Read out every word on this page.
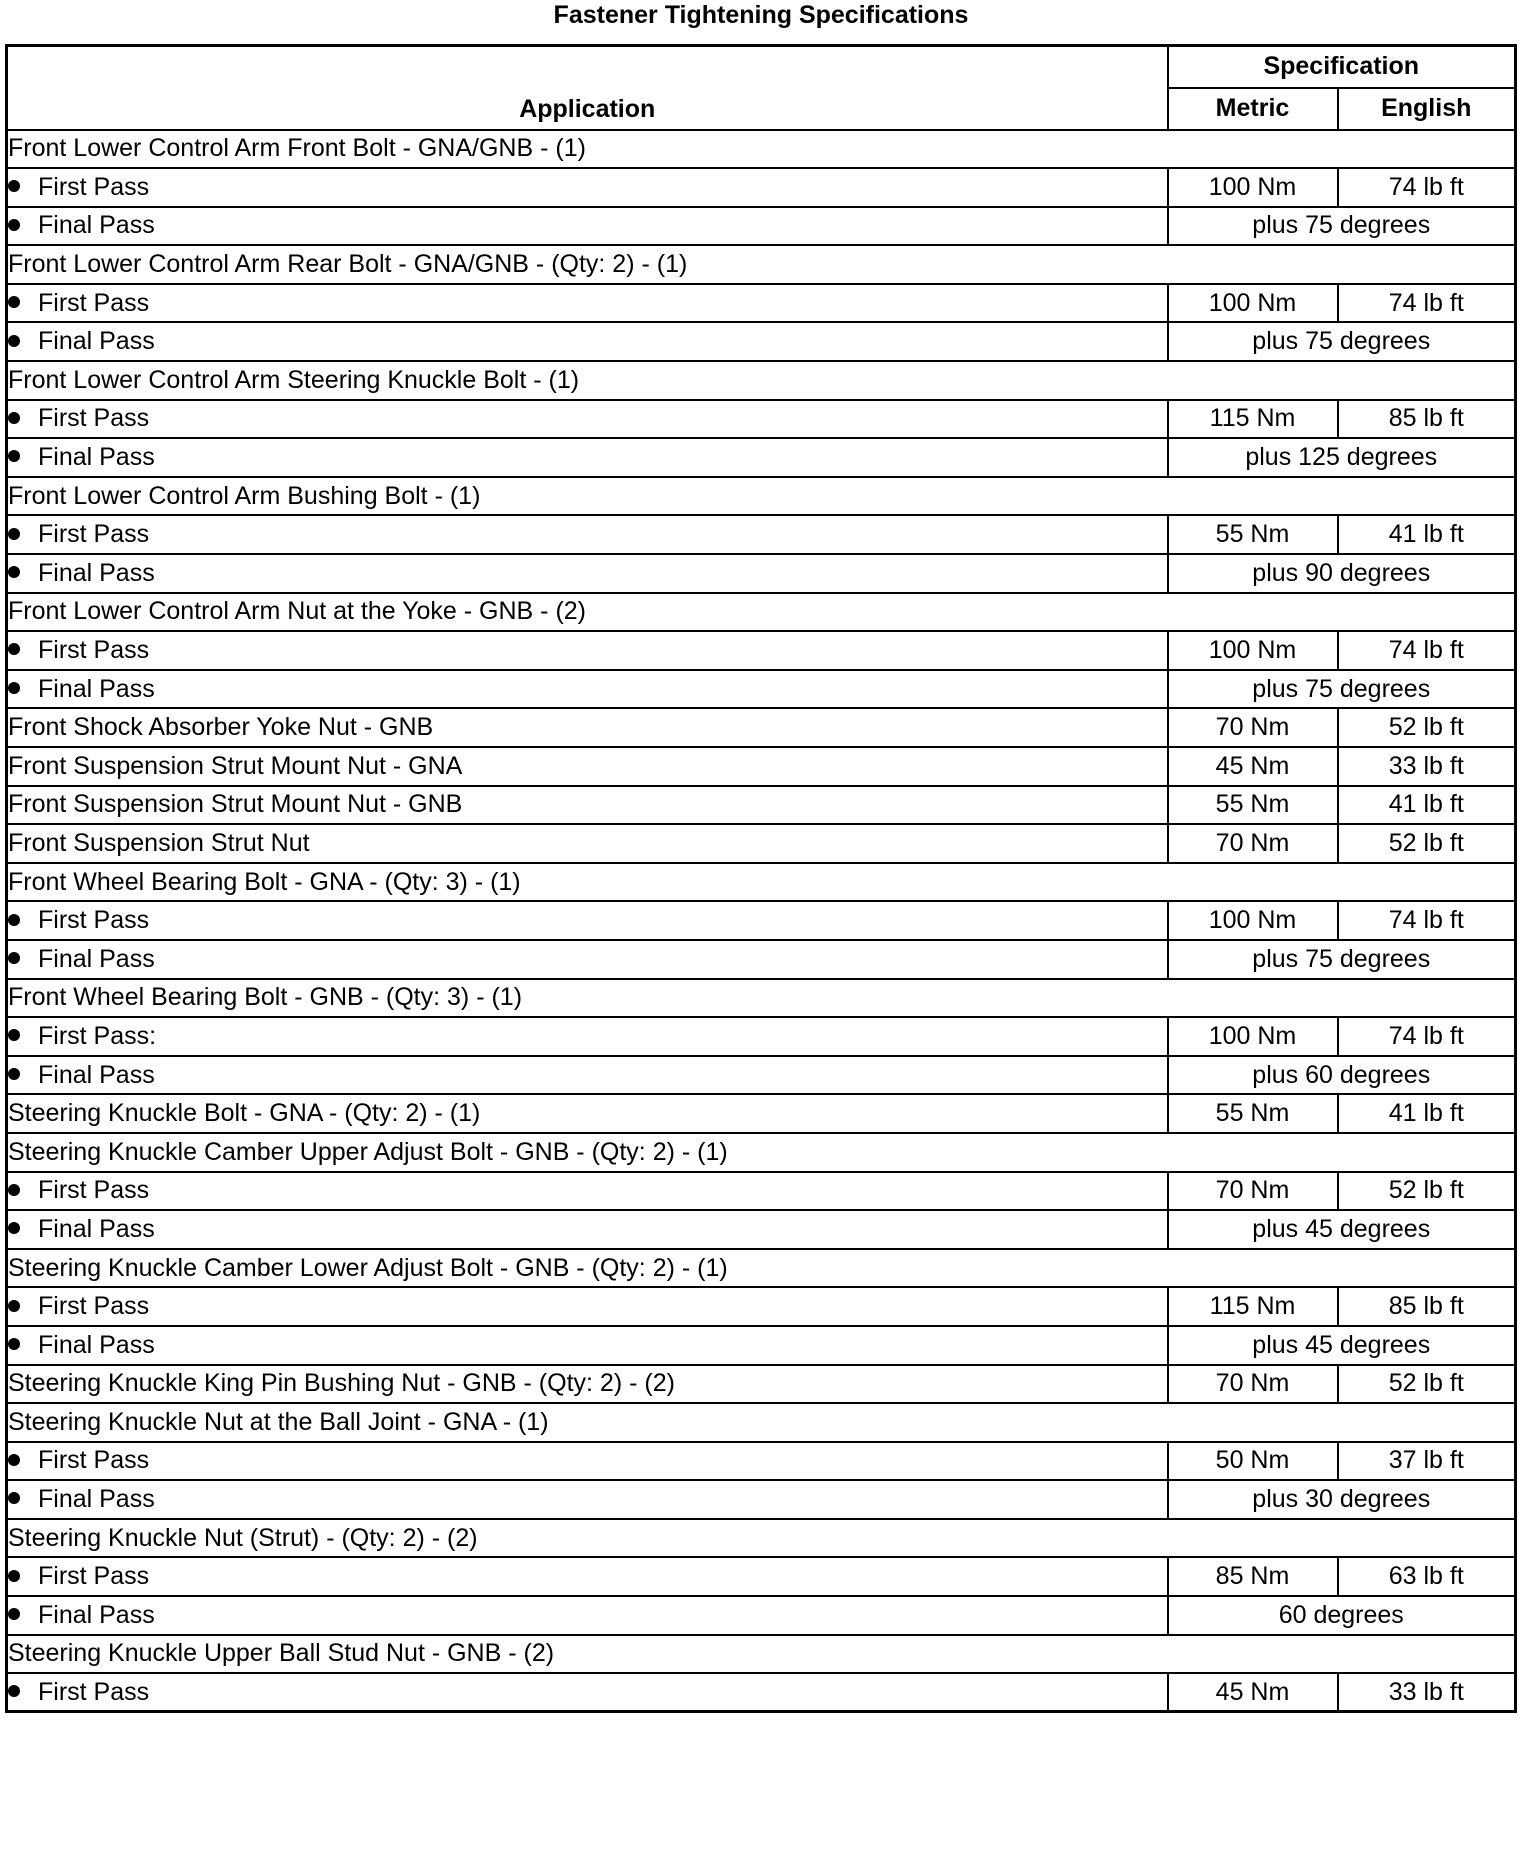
Fastener Tightening Specifications
Application	Specification	
	Metric	English
Front Lower Control Arm Front Bolt - GNA/GNB - (1)		
First Pass	100 Nm	74 lb ft
Final Pass	plus 75 degrees	
Front Lower Control Arm Rear Bolt - GNA/GNB - (Qty: 2) - (1)		
First Pass	100 Nm	74 lb ft
Final Pass	plus 75 degrees	
Front Lower Control Arm Steering Knuckle Bolt - (1)		
First Pass	115 Nm	85 lb ft
Final Pass	plus 125 degrees	
Front Lower Control Arm Bushing Bolt - (1)		
First Pass	55 Nm	41 lb ft
Final Pass	plus 90 degrees	
Front Lower Control Arm Nut at the Yoke - GNB - (2)		
First Pass	100 Nm	74 lb ft
Final Pass	plus 75 degrees	
Front Shock Absorber Yoke Nut - GNB	70 Nm	52 lb ft
Front Suspension Strut Mount Nut - GNA	45 Nm	33 lb ft
Front Suspension Strut Mount Nut - GNB	55 Nm	41 lb ft
Front Suspension Strut Nut	70 Nm	52 lb ft
Front Wheel Bearing Bolt - GNA - (Qty: 3) - (1)		
First Pass	100 Nm	74 lb ft
Final Pass	plus 75 degrees	
Front Wheel Bearing Bolt - GNB - (Qty: 3) - (1)		
First Pass:	100 Nm	74 lb ft
Final Pass	plus 60 degrees	
Steering Knuckle Bolt - GNA - (Qty: 2) - (1)	55 Nm	41 lb ft
Steering Knuckle Camber Upper Adjust Bolt - GNB - (Qty: 2) - (1)		
First Pass	70 Nm	52 lb ft
Final Pass	plus 45 degrees	
Steering Knuckle Camber Lower Adjust Bolt - GNB - (Qty: 2) - (1)		
First Pass	115 Nm	85 lb ft
Final Pass	plus 45 degrees	
Steering Knuckle King Pin Bushing Nut - GNB - (Qty: 2) - (2)	70 Nm	52 lb ft
Steering Knuckle Nut at the Ball Joint - GNA - (1)		
First Pass	50 Nm	37 lb ft
Final Pass	plus 30 degrees	
Steering Knuckle Nut (Strut) - (Qty: 2) - (2)		
First Pass	85 Nm	63 lb ft
Final Pass	60 degrees	
Steering Knuckle Upper Ball Stud Nut - GNB - (2)		
First Pass	45 Nm	33 lb ft
